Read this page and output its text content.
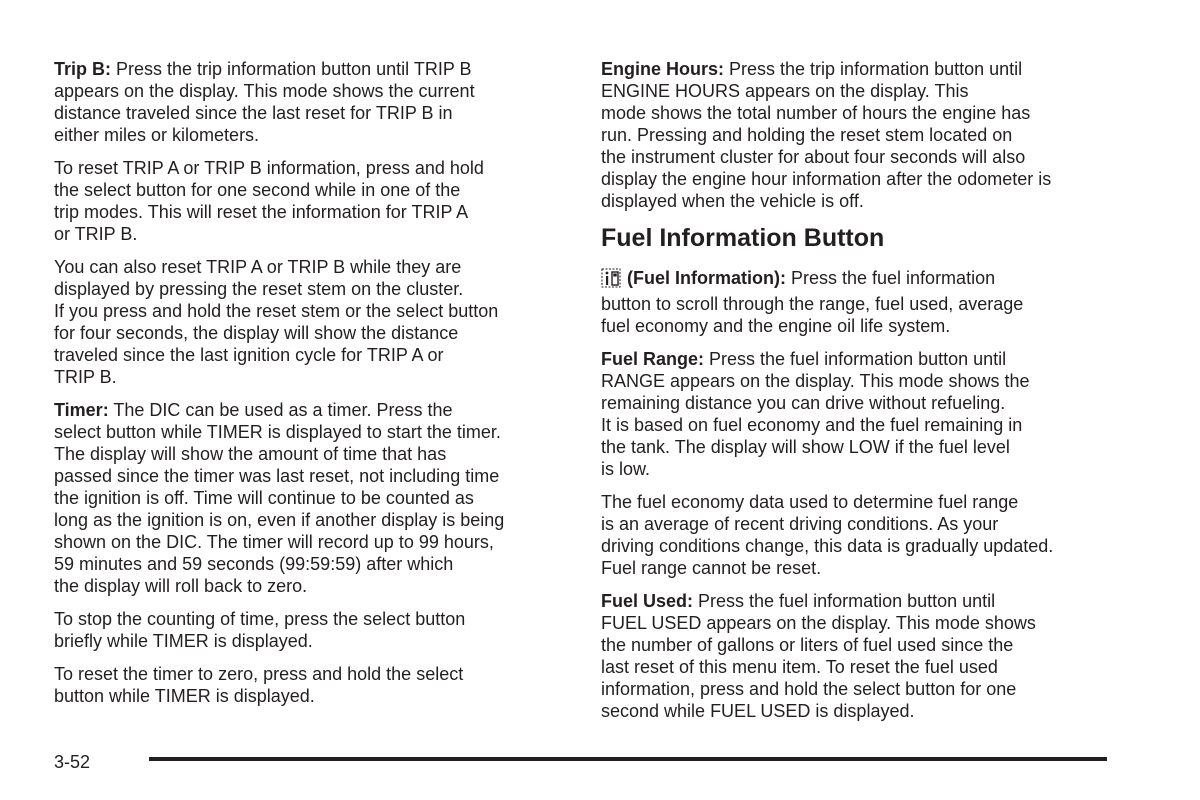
Trip B: Press the trip information button until TRIP B
appears on the display. This mode shows the current
distance traveled since the last reset for TRIP B in
either miles or kilometers.

To reset TRIP A or TRIP B information, press and hold
the select button for one second while in one of the
trip modes. This will reset the information for TRIP A
or TRIP B.

You can also reset TRIP A or TRIP B while they are
displayed by pressing the reset stem on the cluster.
If you press and hold the reset stem or the select button
for four seconds, the display will show the distance
traveled since the last ignition cycle for TRIP A or
TRIP B.

Timer: The DIC can be used as a timer. Press the
select button while TIMER is displayed to start the timer.
The display will show the amount of time that has
passed since the timer was last reset, not including time
the ignition is off. Time will continue to be counted as
long as the ignition is on, even if another display is being
shown on the DIC. The timer will record up to 99 hours,
59 minutes and 59 seconds (99:59:59) after which
the display will roll back to zero.

To stop the counting of time, press the select button
briefly while TIMER is displayed.

To reset the timer to zero, press and hold the select
button while TIMER is displayed.

Engine Hours: Press the trip information button until
ENGINE HOURS appears on the display. This
mode shows the total number of hours the engine has
run. Pressing and holding the reset stem located on
the instrument cluster for about four seconds will also
display the engine hour information after the odometer is
displayed when the vehicle is off.

Fuel Information Button

(Fuel Information): Press the fuel information
button to scroll through the range, fuel used, average
fuel economy and the engine oil life system.

Fuel Range: Press the fuel information button until
RANGE appears on the display. This mode shows the
remaining distance you can drive without refueling.
It is based on fuel economy and the fuel remaining in
the tank. The display will show LOW if the fuel level
is low.

The fuel economy data used to determine fuel range
is an average of recent driving conditions. As your
driving conditions change, this data is gradually updated.
Fuel range cannot be reset.

Fuel Used: Press the fuel information button until
FUEL USED appears on the display. This mode shows
the number of gallons or liters of fuel used since the
last reset of this menu item. To reset the fuel used
information, press and hold the select button for one
second while FUEL USED is displayed.

3-52
